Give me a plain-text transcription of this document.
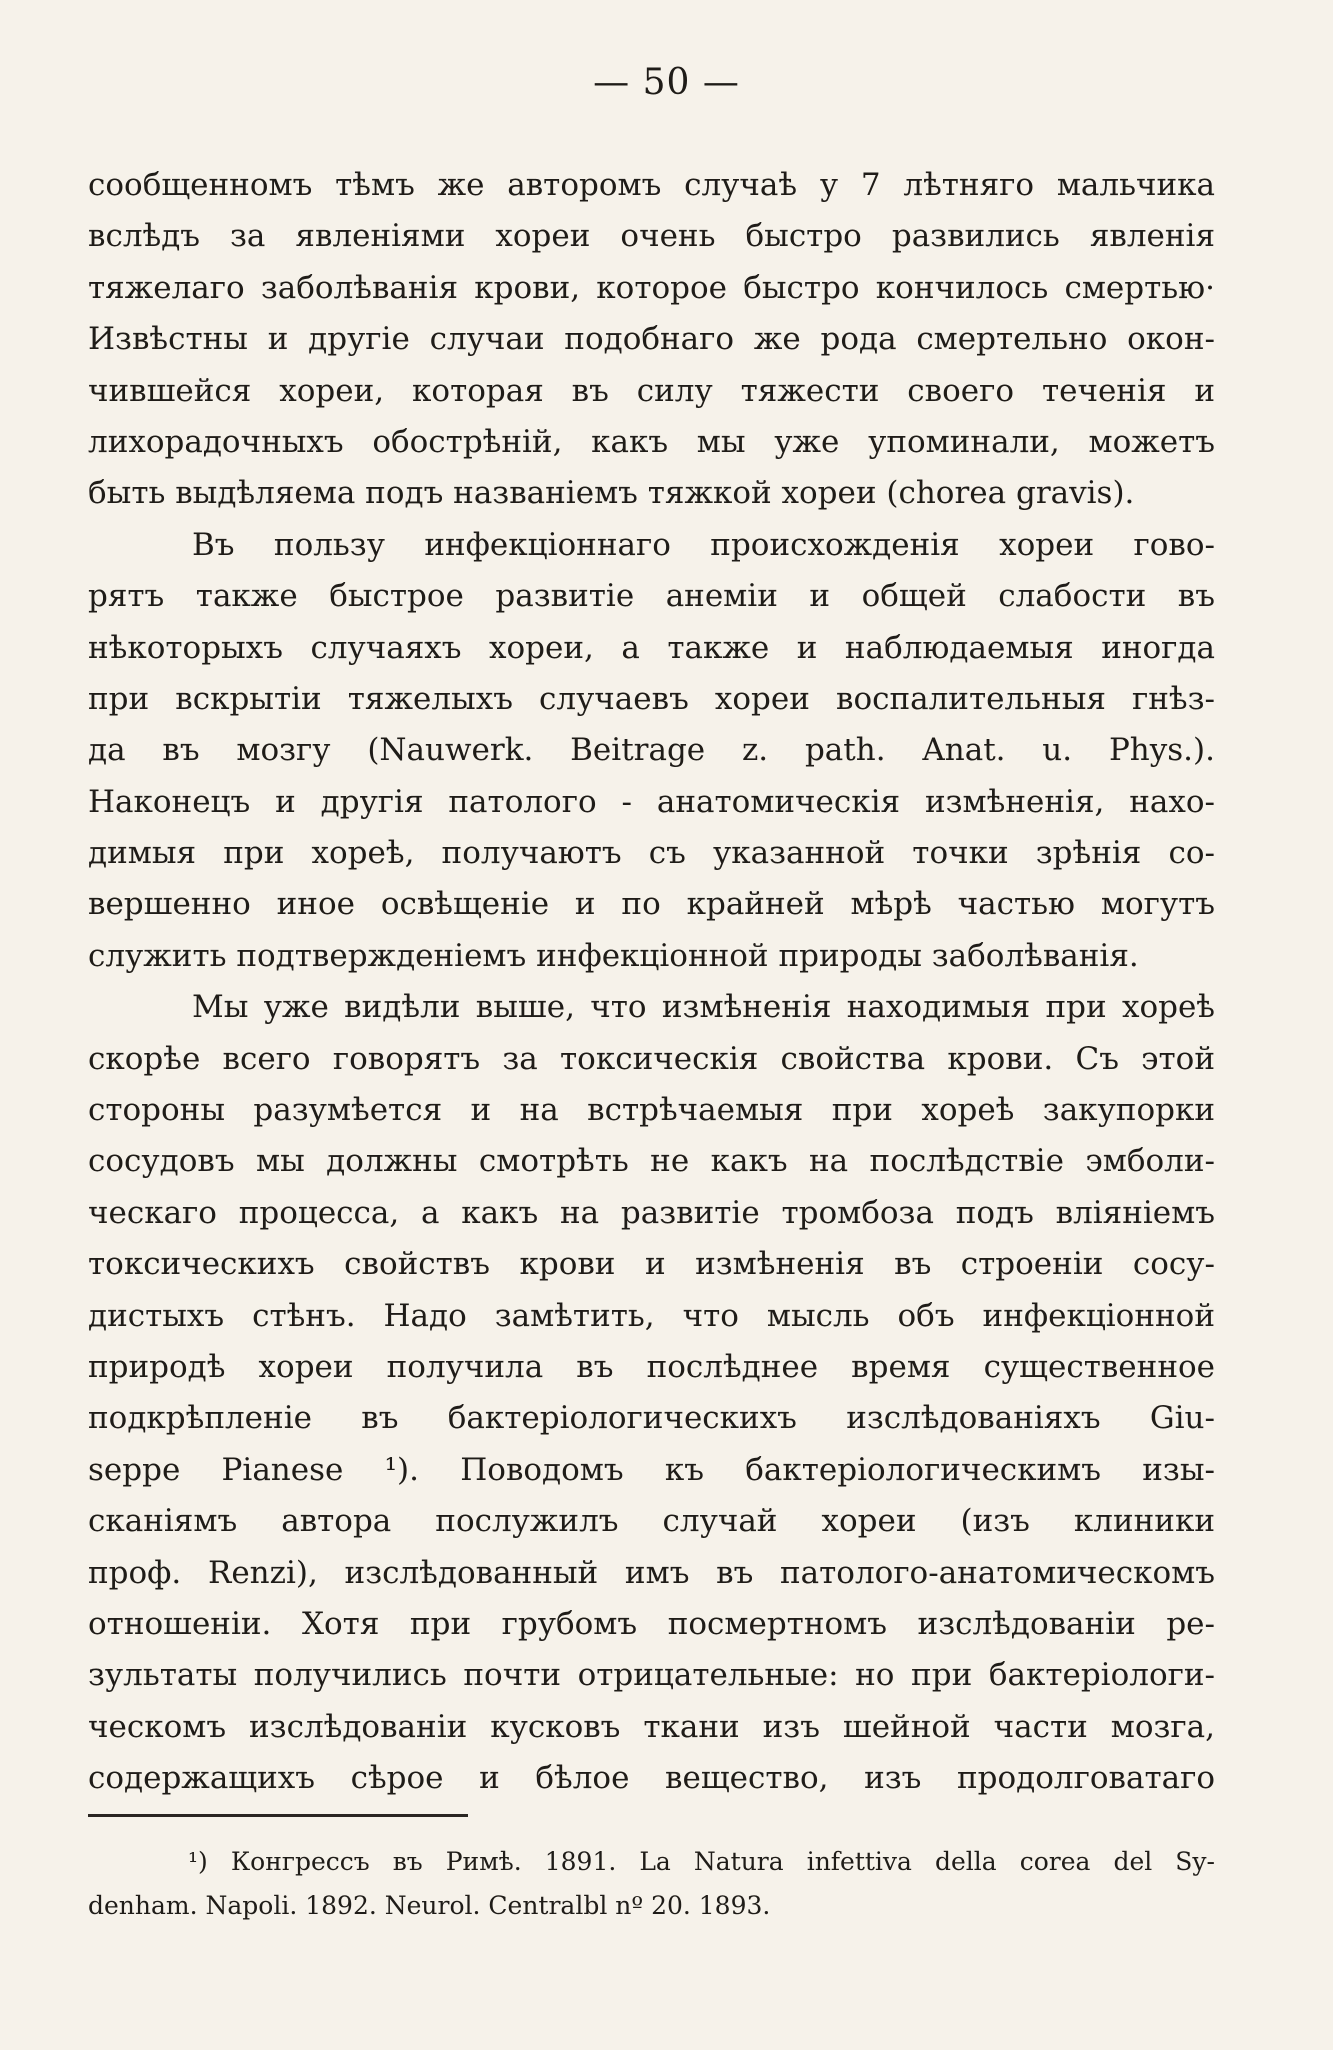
— 50 —
сообщенномъ тѣмъ же авторомъ случаѣ у 7 лѣтняго мальчика
вслѣдъ за явленіями хореи очень быстро развились явленія
тяжелаго заболѣванія крови, которое быстро кончилось смертью·
Извѣстны и другіе случаи подобнаго же рода смертельно окон-
чившейся хореи, которая въ силу тяжести своего теченія и
лихорадочныхъ обострѣній, какъ мы уже упоминали, можетъ
быть выдѣляема подъ названіемъ тяжкой хореи (chorea gravis).
Въ пользу инфекціоннаго происхожденія хореи гово-
рятъ также быстрое развитіе анеміи и общей слабости въ
нѣкоторыхъ случаяхъ хореи, а также и наблюдаемыя иногда
при вскрытіи тяжелыхъ случаевъ хореи воспалительныя гнѣз-
да въ мозгу (Nauwerk. Beitrage z. path. Anat. u. Phys.).
Наконецъ и другія патолого - анатомическія измѣненія, нахо-
димыя при хореѣ, получаютъ съ указанной точки зрѣнія со-
вершенно иное освѣщеніе и по крайней мѣрѣ частью могутъ
служить подтвержденіемъ инфекціонной природы заболѣванія.
Мы уже видѣли выше, что измѣненія находимыя при хореѣ
скорѣе всего говорятъ за токсическія свойства крови. Съ этой
стороны разумѣется и на встрѣчаемыя при хореѣ закупорки
сосудовъ мы должны смотрѣть не какъ на послѣдствіе эмболи-
ческаго процесса, а какъ на развитіе тромбоза подъ вліяніемъ
токсическихъ свойствъ крови и измѣненія въ строеніи сосу-
дистыхъ стѣнъ. Надо замѣтить, что мысль объ инфекціонной
природѣ хореи получила въ послѣднее время существенное
подкрѣпленіе въ бактеріологическихъ изслѣдованіяхъ Giu-
seppe Pianese ¹). Поводомъ къ бактеріологическимъ изы-
сканіямъ автора послужилъ случай хореи (изъ клиники
проф. Renzi), изслѣдованный имъ въ патолого-анатомическомъ
отношеніи. Хотя при грубомъ посмертномъ изслѣдованіи ре-
зультаты получились почти отрицательные: но при бактеріологи-
ческомъ изслѣдованіи кусковъ ткани изъ шейной части мозга,
содержащихъ сѣрое и бѣлое вещество, изъ продолговатаго
¹) Конгрессъ въ Римѣ. 1891. La Natura infettiva della corea del Sy-
denham. Napoli. 1892. Neurol. Centralbl nº 20. 1893.
